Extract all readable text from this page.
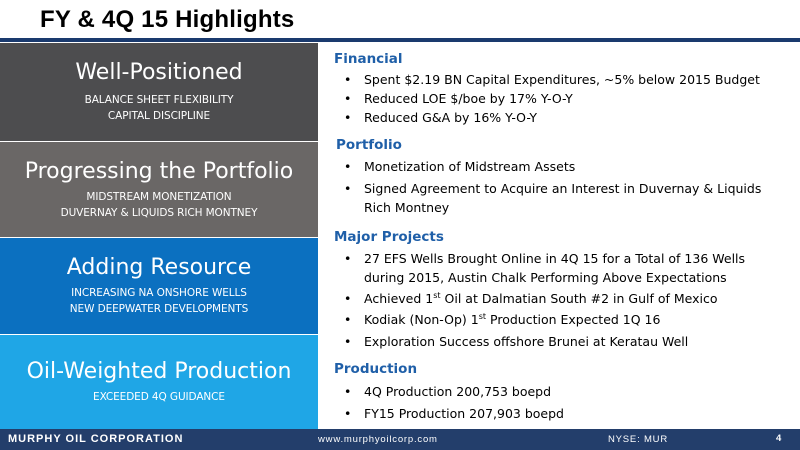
FY & 4Q 15 Highlights
Well-Positioned
BALANCE SHEET FLEXIBILITY
CAPITAL DISCIPLINE
Progressing the Portfolio
MIDSTREAM MONETIZATION
DUVERNAY & LIQUIDS RICH MONTNEY
Adding Resource
INCREASING NA ONSHORE WELLS
NEW DEEPWATER DEVELOPMENTS
Oil-Weighted Production
EXCEEDED 4Q GUIDANCE
Financial
• Spent $2.19 BN Capital Expenditures, ~5% below 2015 Budget
• Reduced LOE $/boe by 17% Y-O-Y
• Reduced G&A by 16% Y-O-Y
Portfolio
• Monetization of Midstream Assets
• Signed Agreement to Acquire an Interest in Duvernay & Liquids Rich Montney
Major Projects
• 27 EFS Wells Brought Online in 4Q 15 for a Total of 136 Wells during 2015, Austin Chalk Performing Above Expectations
• Achieved 1st Oil at Dalmatian South #2 in Gulf of Mexico
• Kodiak (Non-Op) 1st Production Expected 1Q 16
• Exploration Success offshore Brunei at Keratau Well
Production
• 4Q Production 200,753 boepd
• FY15 Production 207,903 boepd
MURPHY OIL CORPORATION	www.murphyoilcorp.com	NYSE: MUR	4
